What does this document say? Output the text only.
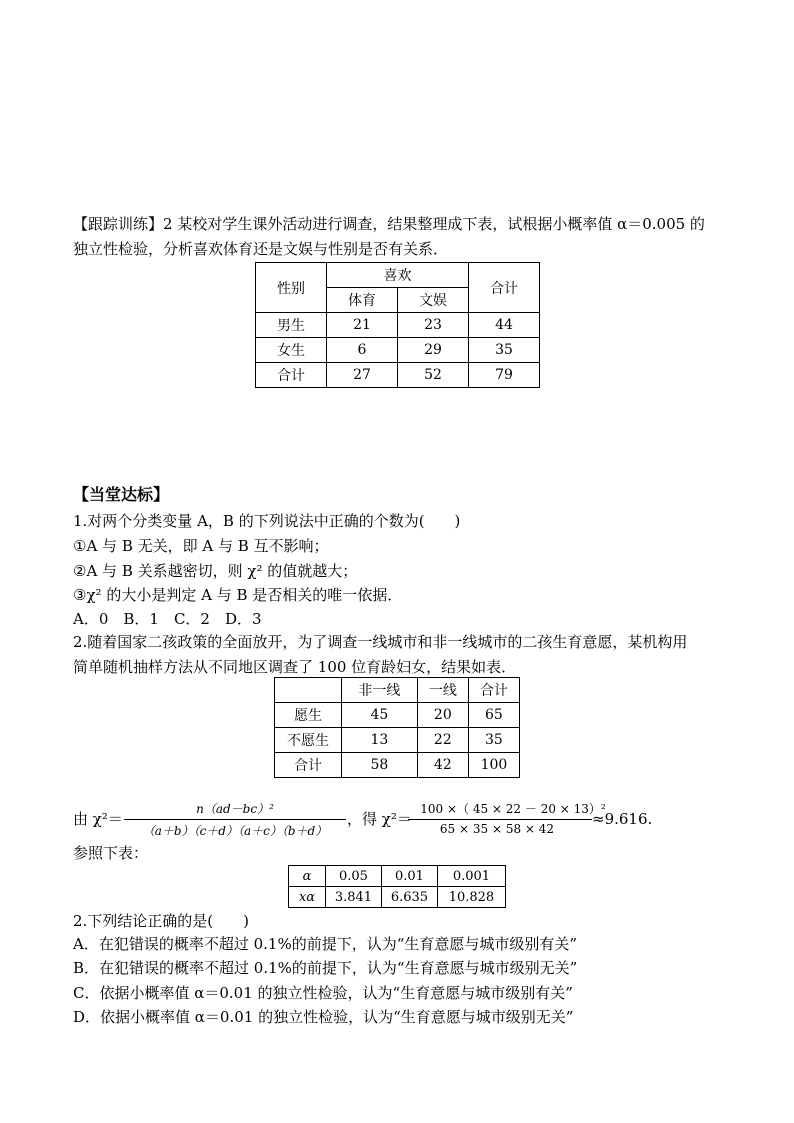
【跟踪训练】2 某校对学生课外活动进行调查，结果整理成下表，试根据小概率值 α＝0.005 的
独立性检验，分析喜欢体育还是文娱与性别是否有关系．
性别	喜欢		合计
	体育	文娱	
男生	21	23	44
女生	6	29	35
合计	27	52	79
【当堂达标】
1.对两个分类变量 A，B 的下列说法中正确的个数为(　　)
①A 与 B 无关，即 A 与 B 互不影响；
②A 与 B 关系越密切，则 χ² 的值就越大；
③χ² 的大小是判定 A 与 B 是否相关的唯一依据．
A．0　B．1　C．2　D．3
2.随着国家二孩政策的全面放开，为了调查一线城市和非一线城市的二孩生育意愿，某机构用
简单随机抽样方法从不同地区调查了 100 位育龄妇女，结果如表．
	非一线	一线	合计
愿生	45	20	65
不愿生	13	22	35
合计	58	42	100
由 χ²＝
n（ad－bc）²
（a＋b）（c＋d）（a＋c）（b＋d）
，得 χ²＝
100 ×（ 45 × 22 － 20 × 13）²
65 × 35 × 58 × 42
≈9.616.
参照下表：
α	0.05	0.01	0.001
xα	3.841	6.635	10.828
2.下列结论正确的是(　　)
A．在犯错误的概率不超过 0.1%的前提下，认为“生育意愿与城市级别有关”
B．在犯错误的概率不超过 0.1%的前提下，认为“生育意愿与城市级别无关”
C．依据小概率值 α＝0.01 的独立性检验，认为“生育意愿与城市级别有关”
D．依据小概率值 α＝0.01 的独立性检验，认为“生育意愿与城市级别无关”
